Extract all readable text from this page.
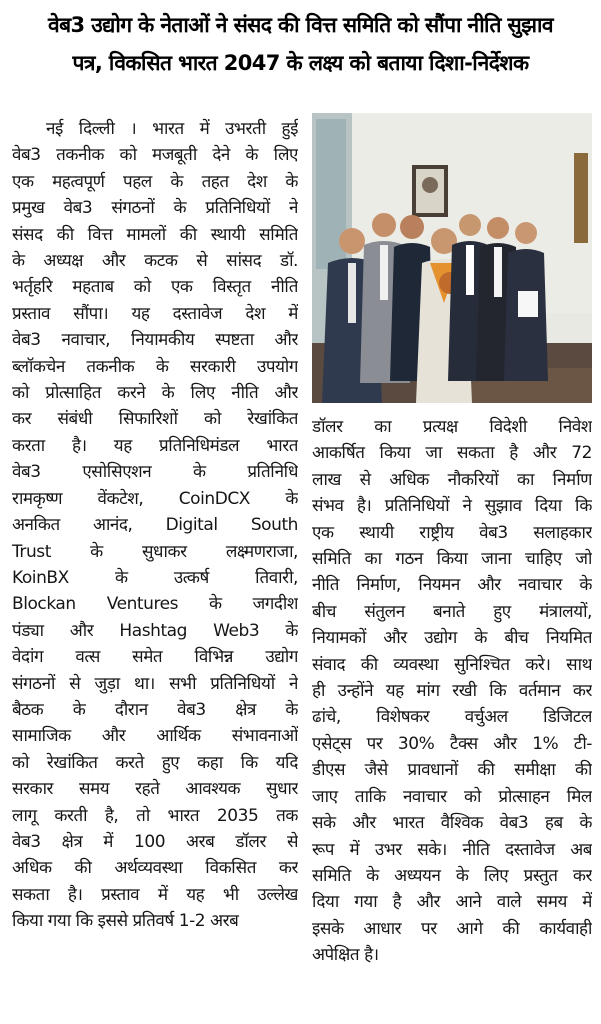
वेब3 उद्योग के नेताओं ने संसद की वित्त समिति को सौंपा नीति सुझाव
पत्र, विकसित भारत 2047 के लक्ष्य को बताया दिशा-निर्देशक
नई दिल्ली । भारत में उभरती हुई
वेब3 तकनीक को मजबूती देने के लिए
एक महत्वपूर्ण पहल के तहत देश के
प्रमुख वेब3 संगठनों के प्रतिनिधियों ने
संसद की वित्त मामलों की स्थायी समिति
के अध्यक्ष और कटक से सांसद डॉ.
भर्तृहरि महताब को एक विस्तृत नीति
प्रस्ताव सौंपा। यह दस्तावेज देश में
वेब3 नवाचार, नियामकीय स्पष्टता और
ब्लॉकचेन तकनीक के सरकारी उपयोग
को प्रोत्साहित करने के लिए नीति और
कर संबंधी सिफारिशों को रेखांकित
करता है। यह प्रतिनिधिमंडल भारत
वेब3 एसोसिएशन के प्रतिनिधि
रामकृष्ण वेंकटेश, CoinDCX के
अनकित आनंद, Digital South
Trust के सुधाकर लक्ष्मणराजा,
KoinBX के उत्कर्ष तिवारी,
Blockan Ventures के जगदीश
पंड्या और Hashtag Web3 के
वेदांग वत्स समेत विभिन्न उद्योग
संगठनों से जुड़ा था। सभी प्रतिनिधियों ने
बैठक के दौरान वेब3 क्षेत्र के
सामाजिक और आर्थिक संभावनाओं
को रेखांकित करते हुए कहा कि यदि
सरकार समय रहते आवश्यक सुधार
लागू करती है, तो भारत 2035 तक
वेब3 क्षेत्र में 100 अरब डॉलर से
अधिक की अर्थव्यवस्था विकसित कर
सकता है। प्रस्ताव में यह भी उल्लेख
किया गया कि इससे प्रतिवर्ष 1-2 अरब
डॉलर का प्रत्यक्ष विदेशी निवेश
आकर्षित किया जा सकता है और 72
लाख से अधिक नौकरियों का निर्माण
संभव है। प्रतिनिधियों ने सुझाव दिया कि
एक स्थायी राष्ट्रीय वेब3 सलाहकार
समिति का गठन किया जाना चाहिए जो
नीति निर्माण, नियमन और नवाचार के
बीच संतुलन बनाते हुए मंत्रालयों,
नियामकों और उद्योग के बीच नियमित
संवाद की व्यवस्था सुनिश्चित करे। साथ
ही उन्होंने यह मांग रखी कि वर्तमान कर
ढांचे, विशेषकर वर्चुअल डिजिटल
एसेट्स पर 30% टैक्स और 1% टी-
डीएस जैसे प्रावधानों की समीक्षा की
जाए ताकि नवाचार को प्रोत्साहन मिल
सके और भारत वैश्विक वेब3 हब के
रूप में उभर सके। नीति दस्तावेज अब
समिति के अध्ययन के लिए प्रस्तुत कर
दिया गया है और आने वाले समय में
इसके आधार पर आगे की कार्यवाही
अपेक्षित है।
